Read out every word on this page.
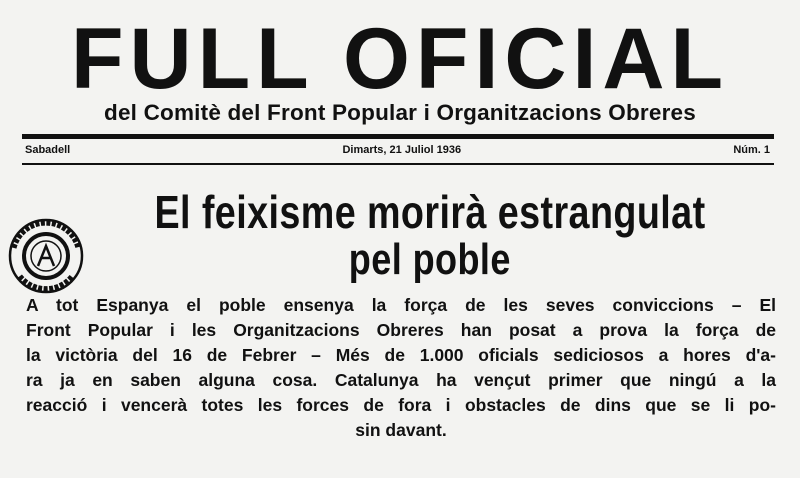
FULL OFICIAL
del Comitè del Front Popular i Organitzacions Obreres
Sabadell	Dimarts, 21 Juliol 1936	Núm. 1
El feixisme morirà estrangulat
pel poble
A tot Espanya el poble ensenya la força de les seves conviccions – El
Front Popular i les Organitzacions Obreres han posat a prova la força de
la victòria del 16 de Febrer – Més de 1.000 oficials sediciosos a hores d'a-
ra ja en saben alguna cosa. Catalunya ha vençut primer que ningú a la
reacció i vencerà totes les forces de fora i obstacles de dins que se li po-
sin davant.
